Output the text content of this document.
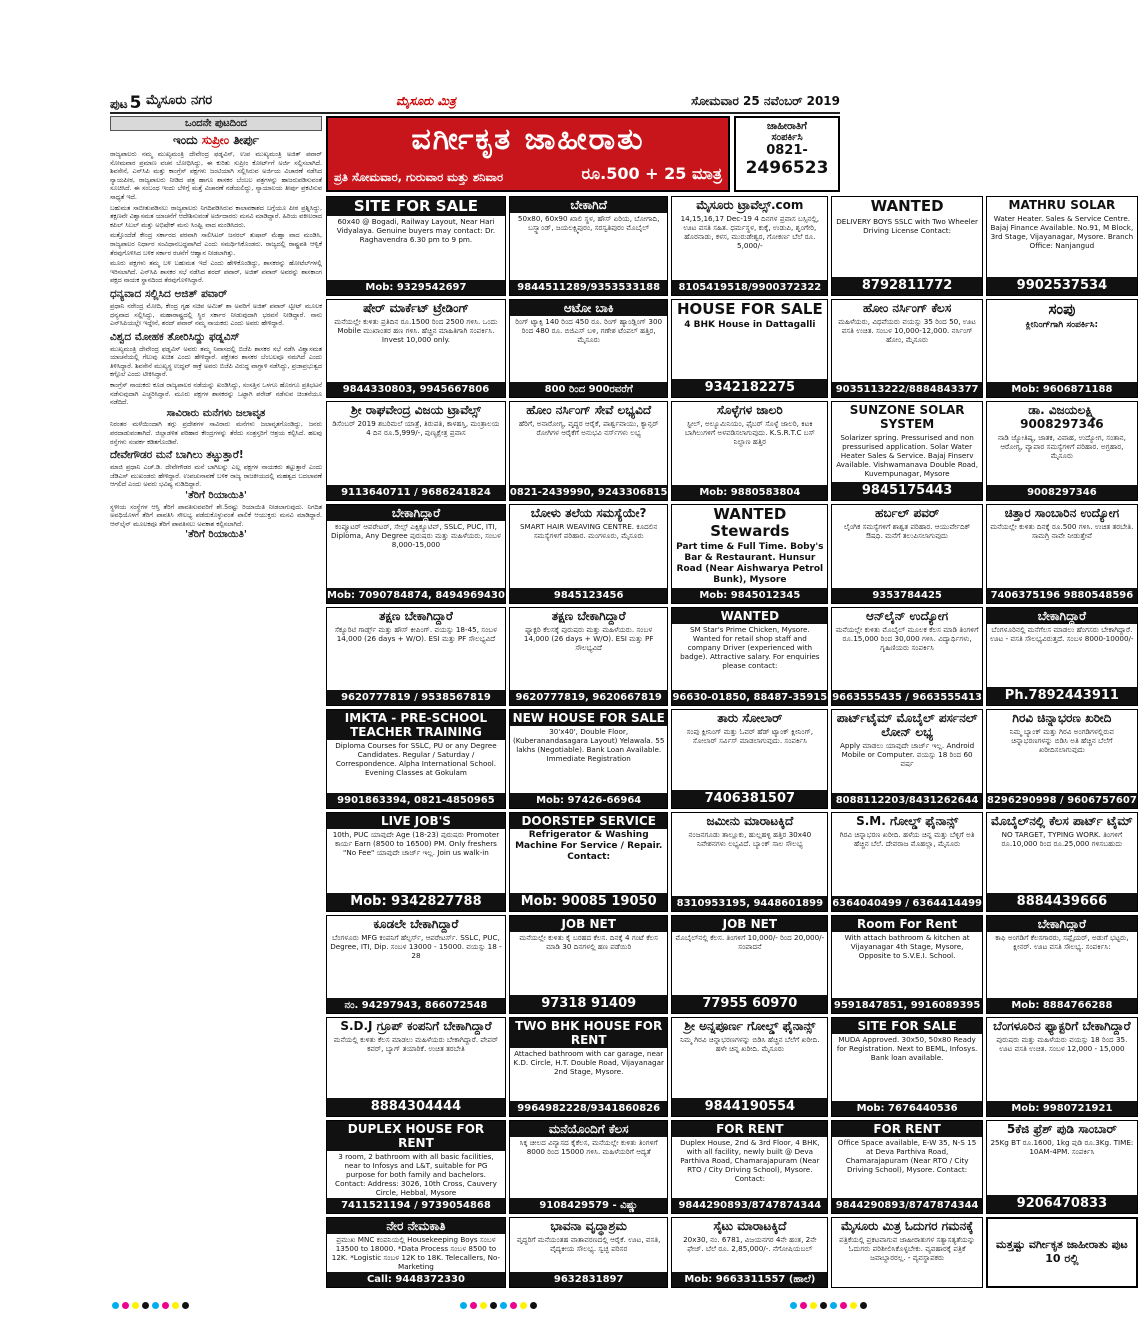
ಪುಟ 5 ಮೈಸೂರು ನಗರ	ಮೈಸೂರು ಮಿತ್ರ	ಸೋಮವಾರ 25 ನವೆಂಬರ್ 2019
ಒಂದನೇ ಪುಟದಿಂದ
ಇಂದು ಸುಪ್ರೀಂ ತೀರ್ಪು

ರಾಜ್ಯಪಾಲರು ನಮ್ಮ ಮುಖ್ಯಮಂತ್ರಿ ದೇವೇಂದ್ರ ಫಡ್ನವಿಸ್, ಉಪ ಮುಖ್ಯಮಂತ್ರಿ ಅಜಿತ್ ಪವಾರ್ ಸೋಮವಾರ ಪ್ರಮಾಣ ವಚನ ಬೋಧಿಸಿದ್ದು, ಈ ಕುರಿತು ಸುಪ್ರೀಂ ಕೋರ್ಟ್‌ಗೆ ಅರ್ಜಿ ಸಲ್ಲಿಸಲಾಗಿದೆ. ಶಿವಸೇನೆ, ಎನ್‌ಸಿಪಿ ಮತ್ತು ಕಾಂಗ್ರೆಸ್ ಪಕ್ಷಗಳು ಜಂಟಿಯಾಗಿ ಸಲ್ಲಿಸಿರುವ ಅರ್ಜಿಯ ವಿಚಾರಣೆ ನಡೆಸಿದ ನ್ಯಾಯಪೀಠ, ರಾಜ್ಯಪಾಲರು ನೀಡಿದ ಪತ್ರ ಹಾಗೂ ಶಾಸಕರ ಬೆಂಬಲ ಪತ್ರಗಳನ್ನು ಹಾಜರುಪಡಿಸುವಂತೆ ಸೂಚಿಸಿದೆ. ಈ ಸಂಬಂಧ ಇಂದು ಬೆಳಿಗ್ಗೆ ಮತ್ತೆ ವಿಚಾರಣೆ ನಡೆಯಲಿದ್ದು, ನ್ಯಾಯಾಲಯ ತೀರ್ಪು ಪ್ರಕಟಿಸುವ ಸಾಧ್ಯತೆ ಇದೆ.

ಬಹುಮತ ಸಾಬೀತುಪಡಿಸಲು ರಾಜ್ಯಪಾಲರು ನಿಗದಿಪಡಿಸಿರುವ ಕಾಲಾವಕಾಶದ ಬಗ್ಗೆಯೂ ಪೀಠ ಪ್ರಶ್ನಿಸಿದ್ದು, ತಕ್ಷಣವೇ ವಿಶ್ವಾಸಮತ ಯಾಚನೆಗೆ ಆದೇಶಿಸುವಂತೆ ಅರ್ಜಿದಾರರು ಮನವಿ ಮಾಡಿದ್ದಾರೆ. ಹಿರಿಯ ವಕೀಲರಾದ ಕಪಿಲ್ ಸಿಬಲ್ ಮತ್ತು ಅಭಿಷೇಕ್ ಮನು ಸಿಂಘ್ವಿ ವಾದ ಮಂಡಿಸಿದರು.

ಮತ್ತೊಂದೆಡೆ ಕೇಂದ್ರ ಸರ್ಕಾರದ ಪರವಾಗಿ ಸಾಲಿಸಿಟರ್ ಜನರಲ್ ತುಷಾರ್ ಮೆಹ್ತಾ ವಾದ ಮಂಡಿಸಿ, ರಾಜ್ಯಪಾಲರ ನಿರ್ಧಾರ ಸಂವಿಧಾನಬದ್ಧವಾಗಿದೆ ಎಂದು ಸಮರ್ಥಿಸಿಕೊಂಡರು. ರಾಜ್ಯದಲ್ಲಿ ರಾಷ್ಟ್ರಪತಿ ಆಳ್ವಿಕೆ ತೆರವುಗೊಳಿಸಿದ ಬಳಿಕ ಸರ್ಕಾರ ರಚನೆಗೆ ಆಹ್ವಾನ ನೀಡಲಾಗಿತ್ತು.

ಮೂರು ಪಕ್ಷಗಳು ತಮ್ಮ ಬಳಿ ಬಹುಮತ ಇದೆ ಎಂದು ಹೇಳಿಕೊಂಡಿದ್ದು, ಶಾಸಕರನ್ನು ಹೋಟೆಲ್‌ಗಳಲ್ಲಿ ಇರಿಸಲಾಗಿದೆ. ಎನ್‌ಸಿಪಿ ಶಾಸಕರ ಸಭೆ ನಡೆಸಿದ ಶರದ್ ಪವಾರ್, ಅಜಿತ್ ಪವಾರ್ ಅವರನ್ನು ಶಾಸಕಾಂಗ ಪಕ್ಷದ ನಾಯಕ ಸ್ಥಾನದಿಂದ ತೆರವುಗೊಳಿಸಿದ್ದಾರೆ.

ಧನ್ಯವಾದ ಸಲ್ಲಿಸಿದ ಅಜಿತ್ ಪವಾರ್

ಪ್ರಧಾನಿ ನರೇಂದ್ರ ಮೋದಿ, ಕೇಂದ್ರ ಗೃಹ ಸಚಿವ ಅಮಿತ್ ಶಾ ಅವರಿಗೆ ಅಜಿತ್ ಪವಾರ್ ಟ್ವೀಟ್ ಮೂಲಕ ಧನ್ಯವಾದ ಸಲ್ಲಿಸಿದ್ದು, ಮಹಾರಾಷ್ಟ್ರದಲ್ಲಿ ಸ್ಥಿರ ಸರ್ಕಾರ ನೀಡುವುದಾಗಿ ಭರವಸೆ ನೀಡಿದ್ದಾರೆ. ನಾನು ಎನ್‌ಸಿಪಿಯಲ್ಲೇ ಇದ್ದೇನೆ, ಶರದ್ ಪವಾರ್ ನಮ್ಮ ನಾಯಕರು ಎಂದು ಅವರು ಹೇಳಿದ್ದಾರೆ.

ವಿಶ್ವದ ಮೋಹಕ ತೋರಿಸಿದ್ದು ಫಡ್ನವಿಸ್

ಮುಖ್ಯಮಂತ್ರಿ ದೇವೇಂದ್ರ ಫಡ್ನವಿಸ್ ಅವರು ತಮ್ಮ ನಿವಾಸದಲ್ಲಿ ಬಿಜೆಪಿ ಶಾಸಕರ ಸಭೆ ನಡೆಸಿ ವಿಶ್ವಾಸಮತ ಯಾಚನೆಯಲ್ಲಿ ಗೆಲುವು ಖಚಿತ ಎಂದು ಹೇಳಿದ್ದಾರೆ. ಪಕ್ಷೇತರ ಶಾಸಕರ ಬೆಂಬಲವೂ ನಮಗಿದೆ ಎಂದು ತಿಳಿಸಿದ್ದಾರೆ. ಶಿವಸೇನೆ ಮುಖ್ಯಸ್ಥ ಉದ್ಧವ್ ಠಾಕ್ರೆ ಅವರು ಬಿಜೆಪಿ ವಿರುದ್ಧ ವಾಗ್ದಾಳಿ ನಡೆಸಿದ್ದು, ಪ್ರಜಾಪ್ರಭುತ್ವದ ಕಗ್ಗೊಲೆ ಎಂದು ಟೀಕಿಸಿದ್ದಾರೆ.

ಕಾಂಗ್ರೆಸ್ ನಾಯಕರು ಕೂಡ ರಾಜ್ಯಪಾಲರ ನಡೆಯನ್ನು ಖಂಡಿಸಿದ್ದು, ಸಂಸತ್ತಿನ ಒಳಗೂ ಹೊರಗೂ ಪ್ರತಿಭಟನೆ ನಡೆಸುವುದಾಗಿ ಎಚ್ಚರಿಸಿದ್ದಾರೆ. ಮೂರು ಪಕ್ಷಗಳ ಶಾಸಕರನ್ನು ಒಟ್ಟಾಗಿ ಪರೇಡ್ ನಡೆಸುವ ಚಿಂತನೆಯೂ ನಡೆದಿದೆ.

ಸಾವಿರಾರು ಮನೆಗಳು ಜಲಾವೃತ

ನಿರಂತರ ಮಳೆಯಿಂದಾಗಿ ತಗ್ಗು ಪ್ರದೇಶಗಳ ಸಾವಿರಾರು ಮನೆಗಳು ಜಲಾವೃತಗೊಂಡಿದ್ದು, ಜನರು ಪರದಾಡುವಂತಾಗಿದೆ. ಜಿಲ್ಲಾಡಳಿತ ಪರಿಹಾರ ಕೇಂದ್ರಗಳನ್ನು ತೆರೆದು ಸಂತ್ರಸ್ತರಿಗೆ ಆಶ್ರಯ ಕಲ್ಪಿಸಿದೆ. ಹಲವು ರಸ್ತೆಗಳು ಸಂಪರ್ಕ ಕಡಿತಗೊಂಡಿವೆ.

ದೇವೇಗೌಡರ ಮನೆ ಬಾಗಿಲು ತಟ್ಟುತ್ತಾರೆ!

ಮಾಜಿ ಪ್ರಧಾನಿ ಎಚ್.ಡಿ. ದೇವೇಗೌಡರ ಮನೆ ಬಾಗಿಲನ್ನು ಎಲ್ಲ ಪಕ್ಷಗಳ ನಾಯಕರು ತಟ್ಟುತ್ತಾರೆ ಎಂದು ಜೆಡಿಎಸ್ ಮುಖಂಡರು ಹೇಳಿದ್ದಾರೆ. ಉಪಚುನಾವಣೆ ಬಳಿಕ ರಾಜ್ಯ ರಾಜಕೀಯದಲ್ಲಿ ಮಹತ್ವದ ಬದಲಾವಣೆ ಆಗಲಿದೆ ಎಂದು ಅವರು ಭವಿಷ್ಯ ನುಡಿದಿದ್ದಾರೆ.

'ತೆರಿಗೆ ರಿಯಾಯಿತಿ'

ಸ್ಥಳೀಯ ಸಂಸ್ಥೆಗಳ ಆಸ್ತಿ ತೆರಿಗೆ ಪಾವತಿಸುವವರಿಗೆ ಶೇ.5ರಷ್ಟು ರಿಯಾಯಿತಿ ನೀಡಲಾಗುವುದು. ನಿಗದಿತ ಅವಧಿಯೊಳಗೆ ತೆರಿಗೆ ಪಾವತಿಸಿ ಸೌಲಭ್ಯ ಪಡೆದುಕೊಳ್ಳುವಂತೆ ಪಾಲಿಕೆ ಆಯುಕ್ತರು ಮನವಿ ಮಾಡಿದ್ದಾರೆ. ಆನ್‌ಲೈನ್ ಮೂಲಕವೂ ತೆರಿಗೆ ಪಾವತಿಸಲು ಅವಕಾಶ ಕಲ್ಪಿಸಲಾಗಿದೆ.

'ತೆರಿಗೆ ರಿಯಾಯಿತಿ'
ವರ್ಗೀಕೃತ ಜಾಹೀರಾತು
ಪ್ರತಿ ಸೋಮವಾರ, ಗುರುವಾರ ಮತ್ತು ಶನಿವಾರ	ರೂ.500 + 25 ಮಾತ್ರ
ಜಾಹೀರಾತಿಗೆ
ಸಂಪರ್ಕಿಸಿ
0821-
2496523
SITE FOR SALE
60x40 @ Bogadi, Railway Layout, Near Hari Vidyalaya. Genuine buyers may contact: Dr. Raghavendra 6.30 pm to 9 pm.
Mob: 9329542697
ಬೇಕಾಗಿದೆ
50x80, 60x90 ಖಾಲಿ ಸ್ಥಳ, ಹೌಸ್ ಏರಿಯ, ಬೋಗಾದಿ, ಬಸ್ಸ್ಟಾಂಡ್, ಜಯಲಕ್ಷ್ಮಿಪುರಂ, ಸರಸ್ವತಿಪುರಂ ಮೊಬೈಲ್
9844511289/9353533188
ಮೈಸೂರು ಟ್ರಾವೆಲ್ಸ್.com
14,15,16,17 Dec-19 4 ದಿನಗಳ ಪ್ರವಾಸ ಬಸ್ಸಿನಲ್ಲಿ, ಊಟ ವಸತಿ ಸಹಿತ. ಧರ್ಮಸ್ಥಳ, ಕುಕ್ಕೆ, ಉಡುಪಿ, ಶೃಂಗೇರಿ, ಹೊರನಾಡು, ಕಳಸ, ಮುರುಡೇಶ್ವರ, ಗೋಕರ್ಣ ಬೆಲೆ ರೂ. 5,000/-
8105419518/9900372322
WANTED
DELIVERY BOYS SSLC with Two Wheeler Driving License Contact:
8792811772
MATHRU SOLAR
Water Heater. Sales & Service Centre. Bajaj Finance Available. No.91, M Block, 3rd Stage, Vijayanagar, Mysore. Branch Office: Nanjangud
9902537534
ಷೇರ್ ಮಾರ್ಕೆಟ್ ಟ್ರೇಡಿಂಗ್
ಮನೆಯಲ್ಲೇ ಕುಳಿತು ಪ್ರತಿದಿನ ರೂ.1500 ರಿಂದ 2500 ಗಳಿಸಿ. ಒಂದು Mobile ಮುಖಾಂತರ ಹಣ ಗಳಿಸಿ. ಹೆಚ್ಚಿನ ಮಾಹಿತಿಗಾಗಿ ಸಂಪರ್ಕಿಸಿ. Invest 10,000 only.
9844330803, 9945667806
ಆಟೋ ಬಾಕಿ
ರಿಂಗ್ ಟ್ಯಾಕ್ಸಿ 140 ರಿಂದ 450 ರೂ. ರಿಂಗ್ ಹ್ಯಾಂಡ್ಲಿಂಗ್ 300 ರಿಂದ 480 ರೂ. ಬಿಜಿಎಸ್ ಬಳಿ, ಗಣೇಶ ಟೆಂಪಲ್ ಹತ್ತಿರ, ಮೈಸೂರು
800 ರಿಂದ 900ರವರೆಗೆ
HOUSE FOR SALE
4 BHK House in Dattagalli
9342182275
ಹೋಂ ನರ್ಸಿಂಗ್ ಕೆಲಸ
ಮಹಿಳೆಯರು, ವಿಧವೆಯರು ವಯಸ್ಸು 35 ರಿಂದ 50, ಊಟ ವಸತಿ ಉಚಿತ. ಸಂಬಳ 10,000-12,000. ನರ್ಸಿಂಗ್ ಹೋಂ, ಮೈಸೂರು
9035113222/8884843377
ಸಂಪು
ಕ್ಲೀನಿಂಗ್‌ಗಾಗಿ ಸಂಪರ್ಕಿಸಿ:
Mob: 9606871188
ಶ್ರೀ ರಾಘವೇಂದ್ರ ವಿಜಯ ಟ್ರಾವೆಲ್ಸ್
ಡಿಸೆಂಬರ್ 2019 ಶಬರಿಮಲೆ ಯಾತ್ರೆ, ತಿರುಪತಿ, ಕಾಳಹಸ್ತಿ, ಮಂತ್ರಾಲಯ 4 ದಿನ ರೂ.5,999/-, ಪುಣ್ಯಕ್ಷೇತ್ರ ಪ್ರವಾಸ
9113640711 / 9686241824
ಹೋಂ ನರ್ಸಿಂಗ್ ಸೇವೆ ಲಭ್ಯವಿದೆ
ಹೆರಿಗೆ, ಅನಾರೋಗ್ಯ, ವೃದ್ಧರ ಆರೈಕೆ, ಪಾರ್ಶ್ವವಾಯು, ಕ್ಯಾನ್ಸರ್ ರೋಗಿಗಳ ಆರೈಕೆಗೆ ಅನುಭವಿ ನರ್ಸ್‌ಗಳು ಲಭ್ಯ
0821-2439990, 9243306815
ಸೊಳ್ಳೆಗಳ ಜಾಲರಿ
ಸ್ಟೀಲ್, ಅಲ್ಯೂಮಿನಿಯಂ, ಫೈಬರ್ ಸೊಳ್ಳೆ ಜಾಲರಿ, ಕಿಟಕಿ ಬಾಗಿಲುಗಳಿಗೆ ಅಳವಡಿಸಲಾಗುವುದು. K.S.R.T.C ಬಸ್ ನಿಲ್ದಾಣ ಹತ್ತಿರ
Mob: 9880583804
SUNZONE SOLAR SYSTEM
Solarizer spring. Pressurised and non pressurised application. Solar Water Heater Sales & Service. Bajaj Finserv Available. Vishwamanava Double Road, Kuvempunagar, Mysore
9845175443
ಡಾ. ವಿಜಯಲಕ್ಷ್ಮಿ 9008297346
ನಾಡಿ ಜ್ಯೋತಿಷ್ಯ, ಜಾತಕ, ವಿವಾಹ, ಉದ್ಯೋಗ, ಸಂತಾನ, ಆರೋಗ್ಯ, ವ್ಯಾಪಾರ ಸಮಸ್ಯೆಗಳಿಗೆ ಪರಿಹಾರ. ಅಗ್ರಹಾರ, ಮೈಸೂರು
9008297346
ಬೇಕಾಗಿದ್ದಾರೆ
ಕಂಪ್ಯೂಟರ್ ಆಪರೇಟರ್, ಸೇಲ್ಸ್ ಎಕ್ಸಿಕ್ಯೂಟಿವ್, SSLC, PUC, ITI, Diploma, Any Degree ಪುರುಷರು ಮತ್ತು ಮಹಿಳೆಯರು, ಸಂಬಳ 8,000-15,000
Mob: 7090784874, 8494969430
ಬೋಳು ತಲೆಯ ಸಮಸ್ಯೆಯೇ?
SMART HAIR WEAVING CENTRE. ಕೂದಲಿನ ಸಮಸ್ಯೆಗಳಿಗೆ ಪರಿಹಾರ. ಮಂಗಳೂರು, ಮೈಸೂರು
9845123456
WANTED Stewards
Part time & Full Time. Boby's Bar & Restaurant. Hunsur Road (Near Aishwarya Petrol Bunk), Mysore
Mob: 9845012345
ಹರ್ಬಲ್ ಪವರ್
ಲೈಂಗಿಕ ಸಮಸ್ಯೆಗಳಿಗೆ ಶಾಶ್ವತ ಪರಿಹಾರ. ಆಯುರ್ವೇದಿಕ್ ಔಷಧಿ. ಮನೆಗೆ ತಲುಪಿಸಲಾಗುವುದು
9353784425
ಚಿತ್ತಾರ ಸಾಂಬಾರಿನ ಉದ್ಯೋಗ
ಮನೆಯಲ್ಲೇ ಕುಳಿತು ದಿನಕ್ಕೆ ರೂ.500 ಗಳಿಸಿ. ಉಚಿತ ತರಬೇತಿ. ಸಾಮಗ್ರಿ ನಾವೇ ನೀಡುತ್ತೇವೆ
7406375196 9880548596
ತಕ್ಷಣ ಬೇಕಾಗಿದ್ದಾರೆ
ಸೆಕ್ಯೂರಿಟಿ ಗಾರ್ಡ್ಸ್ ಮತ್ತು ಹೌಸ್ ಕೀಪಿಂಗ್. ವಯಸ್ಸು 18-45, ಸಂಬಳ 14,000 (26 days + W/O). ESI ಮತ್ತು PF ಸೌಲಭ್ಯವಿದೆ
9620777819 / 9538567819
ತಕ್ಷಣ ಬೇಕಾಗಿದ್ದಾರೆ
ಫ್ಯಾಕ್ಟರಿ ಕೆಲಸಕ್ಕೆ ಪುರುಷರು ಮತ್ತು ಮಹಿಳೆಯರು. ಸಂಬಳ 14,000 (26 days + W/O). ESI ಮತ್ತು PF ಸೌಲಭ್ಯವಿದೆ
9620777819, 9620667819
WANTED
SM Star's Prime Chicken, Mysore. Wanted for retail shop staff and company Driver (experienced with badge). Attractive salary. For enquiries please contact:
96630-01850, 88487-35915
ಆನ್‌ಲೈನ್ ಉದ್ಯೋಗ
ಮನೆಯಲ್ಲೇ ಕುಳಿತು ಮೊಬೈಲ್ ಮೂಲಕ ಕೆಲಸ ಮಾಡಿ ತಿಂಗಳಿಗೆ ರೂ.15,000 ರಿಂದ 30,000 ಗಳಿಸಿ. ವಿದ್ಯಾರ್ಥಿಗಳು, ಗೃಹಿಣಿಯರು ಸಂಪರ್ಕಿಸಿ
9663555435 / 9663555413
ಬೇಕಾಗಿದ್ದಾರೆ
ಬೆಂಗಳೂರಿನಲ್ಲಿ ಮನೆಗೆಲಸ ಮಾಡಲು ಹೆಂಗಸರು ಬೇಕಾಗಿದ್ದಾರೆ. ಊಟ - ವಸತಿ ಸೌಲಭ್ಯವಿರುತ್ತದೆ. ಸಂಬಳ 8000-10000/-
Ph.7892443911
IMKTA - PRE-SCHOOL TEACHER TRAINING
Diploma Courses for SSLC, PU or any Degree Candidates. Regular / Saturday / Correspondence. Alpha International School. Evening Classes at Gokulam
9901863394, 0821-4850965
NEW HOUSE FOR SALE
30'x40', Double Floor, (Kuberanandasagara Layout) Yelawala. 55 lakhs (Negotiable). Bank Loan Available. Immediate Registration
Mob: 97426-66964
ತಾರು ಸೋಲಾರ್
ಸಂಪು ಕ್ಲೀನಿಂಗ್ ಮತ್ತು ಓವರ್ ಹೆಡ್ ಟ್ಯಾಂಕ್ ಕ್ಲೀನಿಂಗ್, ಸೋಲಾರ್ ಸರ್ವಿಸ್ ಮಾಡಲಾಗುವುದು. ಸಂಪರ್ಕಿಸಿ
7406381507
ಪಾರ್ಟ್‌ಟೈಮ್ ಮೊಬೈಲ್ ಪರ್ಸನಲ್ ಲೋನ್ ಲಭ್ಯ
Apply ಮಾಡಲು ಯಾವುದೇ ಚಾರ್ಜ್ ಇಲ್ಲ. Android Mobile or Computer. ವಯಸ್ಸು 18 ರಿಂದ 60 ವರ್ಷ
8088112203/8431262644
ಗಿರವಿ ಚಿನ್ನಾಭರಣ ಖರೀದಿ
ನಿಮ್ಮ ಬ್ಯಾಂಕ್ ಮತ್ತು ಗಿರವಿ ಅಂಗಡಿಗಳಲ್ಲಿರುವ ಚಿನ್ನಾಭರಣಗಳನ್ನು ಬಿಡಿಸಿ ಅತಿ ಹೆಚ್ಚಿನ ಬೆಲೆಗೆ ಖರೀದಿಸಲಾಗುವುದು
8296290998 / 9606757607
LIVE JOB'S
10th, PUC ಯಾವುದೇ Age (18-23) ಪುರುಷರು Promoter ಕಾರ್ಯ Earn (8500 to 16500) PM. Only freshers "No Fee" ಯಾವುದೇ ಚಾರ್ಜ್ ಇಲ್ಲ. Join us walk-in
Mob: 9342827788
DOORSTEP SERVICE
Refrigerator & Washing Machine For Service / Repair. Contact:
Mob: 90085 19050
ಜಮೀನು ಮಾರಾಟಕ್ಕಿದೆ
ನಂಜನಗೂಡು ತಾಲ್ಲೂಕು, ಹುಲ್ಲಹಳ್ಳಿ ಹತ್ತಿರ 30x40 ನಿವೇಶನಗಳು ಲಭ್ಯವಿದೆ. ಬ್ಯಾಂಕ್ ಸಾಲ ಸೌಲಭ್ಯ
8310953195, 9448601899
S.M. ಗೋಲ್ಡ್ ಫೈನಾನ್ಸ್
ಗಿರವಿ ಚಿನ್ನಾಭರಣ ಖರೀದಿ. ಹಳೆಯ ಚಿನ್ನ ಮತ್ತು ಬೆಳ್ಳಿಗೆ ಅತಿ ಹೆಚ್ಚಿನ ಬೆಲೆ. ದೇವರಾಜ ಮೊಹಲ್ಲಾ, ಮೈಸೂರು
6364040499 / 6364414499
ಮೊಬೈಲ್‌ನಲ್ಲಿ ಕೆಲಸ ಪಾರ್ಟ್ ಟೈಮ್
NO TARGET, TYPING WORK. ತಿಂಗಳಿಗೆ ರೂ.10,000 ರಿಂದ ರೂ.25,000 ಗಳಿಸಬಹುದು
8884439666
ಕೂಡಲೇ ಬೇಕಾಗಿದ್ದಾರೆ
ಬೆಂಗಳೂರು MFG ಕಂಪನಿಗೆ ಹೆಲ್ಪರ್ಸ್, ಆಪರೇಟರ್ಸ್. SSLC, PUC, Degree, ITI, Dip. ಸಂಬಳ 13000 - 15000. ವಯಸ್ಸು 18 - 28
ನಂ. 94297943, 866072548
JOB NET
ಮನೆಯಲ್ಲೇ ಕುಳಿತು ಕೈ ಬರಹದ ಕೆಲಸ. ದಿನಕ್ಕೆ 4 ಗಂಟೆ ಕೆಲಸ ಮಾಡಿ 30 ದಿನಗಳಲ್ಲಿ ಹಣ ಪಡೆಯಿರಿ
97318 91409
JOB NET
ಮೊಬೈಲ್‌ನಲ್ಲಿ ಕೆಲಸ. ತಿಂಗಳಿಗೆ 10,000/- ರಿಂದ 20,000/- ಸಂಪಾದನೆ
77955 60970
Room For Rent
With attach bathroom & kitchen at Vijayanagar 4th Stage, Mysore, Opposite to S.V.E.I. School.
9591847851, 9916089395
ಬೇಕಾಗಿದ್ದಾರೆ
ಕಾಫಿ ಅಂಗಡಿಗೆ ಕೆಲಸಗಾರರು, ಸಪ್ಲೈಯರ್, ಅಡುಗೆ ಭಟ್ಟರು, ಕ್ಲೀನರ್. ಊಟ ವಸತಿ ಸೌಲಭ್ಯ. ಸಂಪರ್ಕಿಸಿ:
Mob: 8884766288
S.D.J ಗ್ರೂಪ್ ಕಂಪನಿಗೆ ಬೇಕಾಗಿದ್ದಾರೆ
ಮನೆಯಲ್ಲಿ ಕುಳಿತು ಕೆಲಸ ಮಾಡಲು ಮಹಿಳೆಯರು ಬೇಕಾಗಿದ್ದಾರೆ. ಪೇಪರ್ ಕವರ್, ಬ್ಯಾಗ್ ತಯಾರಿಕೆ. ಉಚಿತ ತರಬೇತಿ
8884304444
TWO BHK HOUSE FOR RENT
Attached bathroom with car garage, near K.D. Circle, H.T. Double Road, Vijayanagar 2nd Stage, Mysore.
9964982228/9341860826
ಶ್ರೀ ಅನ್ನಪೂರ್ಣ ಗೋಲ್ಡ್ ಫೈನಾನ್ಸ್
ನಿಮ್ಮ ಗಿರವಿ ಚಿನ್ನಾಭರಣಗಳನ್ನು ಬಿಡಿಸಿ ಹೆಚ್ಚಿನ ಬೆಲೆಗೆ ಖರೀದಿ. ಹಳೇ ಚಿನ್ನ ಖರೀದಿ. ಮೈಸೂರು
9844190554
SITE FOR SALE
MUDA Approved. 30x50, 50x80 Ready for Registration. Next to BEML, Infosys. Bank loan available.
Mob: 7676440536
ಬೆಂಗಳೂರಿನ ಫ್ಯಾಕ್ಟರಿಗೆ ಬೇಕಾಗಿದ್ದಾರೆ
ಪುರುಷರು ಮತ್ತು ಮಹಿಳೆಯರು ವಯಸ್ಸು 18 ರಿಂದ 35. ಊಟ ವಸತಿ ಉಚಿತ. ಸಂಬಳ 12,000 - 15,000
Mob: 9980721921
DUPLEX HOUSE FOR RENT
3 room, 2 bathroom with all basic facilities, near to Infosys and L&T, suitable for PG purpose for both family and bachelors. Contact: Address: 3026, 10th Cross, Cauvery Circle, Hebbal, Mysore
7411521194 / 9739054868
ಮನೆಯೊಂದಿಗೆ ಕೆಲಸ
ಸಿಕ್ಕ ಚೀಲದ ವಿನ್ಯಾಸದ ಕೈಕೆಲಸ, ಮನೆಯಲ್ಲೇ ಕುಳಿತು ತಿಂಗಳಿಗೆ 8000 ರಿಂದ 15000 ಗಳಿಸಿ. ಮಹಿಳೆಯರಿಗೆ ಆದ್ಯತೆ
9108429579 - ವಿಷ್ಣು
FOR RENT
Duplex House, 2nd & 3rd Floor, 4 BHK, with all facility, newly built @ Deva Parthiva Road, Chamarajapuram (Near RTO / City Driving School), Mysore. Contact:
9844290893/8747874344
FOR RENT
Office Space available, E-W 35, N-S 15 at Deva Parthiva Road, Chamarajapuram (Near RTO / City Driving School), Mysore. Contact:
9844290893/8747874344
5ಕೆಜಿ ಫ್ರೆಶ್ ಪುಡಿ ಸಾಂಬಾರ್
25Kg BT ರೂ.1600, 1kg ಪುಡಿ ರೂ.3Kg. TIME: 10AM-4PM. ಸಂಪರ್ಕಿಸಿ
9206470833
ನೇರ ನೇಮಕಾತಿ
ಪ್ರಮುಖ MNC ಕಂಪನಿಯಲ್ಲಿ Housekeeping Boys ಸಂಬಳ 13500 to 18000. *Data Process ಸಂಬಳ 8500 to 12K. *Logistic ಸಂಬಳ 12K to 18K. Telecallers, No-Marketing
Call: 9448372330
ಭಾವನಾ ವೃದ್ಧಾಶ್ರಮ
ವೃದ್ಧರಿಗೆ ಮನೆಯಂತಹ ವಾತಾವರಣದಲ್ಲಿ ಆರೈಕೆ. ಊಟ, ವಸತಿ, ವೈದ್ಯಕೀಯ ಸೌಲಭ್ಯ. ಸ್ವಚ್ಛ ಪರಿಸರ
9632831897
ಸೈಟು ಮಾರಾಟಕ್ಕಿದೆ
20x30, ನಂ. 6781, ವಿಜಯನಗರ 4ನೇ ಹಂತ, 2ನೇ ಫೇಜ್. ಬೆಲೆ ರೂ. 2,85,000/-. ನೆಗೋಷಿಯಬಲ್
Mob: 9663311557 (ಹಾಲೆ)
ಮೈಸೂರು ಮಿತ್ರ ಓದುಗರ ಗಮನಕ್ಕೆ
ಪತ್ರಿಕೆಯಲ್ಲಿ ಪ್ರಕಟವಾಗುವ ಜಾಹೀರಾತುಗಳ ಸತ್ಯಾಸತ್ಯತೆಯನ್ನು ಓದುಗರು ಪರಿಶೀಲಿಸಿಕೊಳ್ಳಬೇಕು. ವ್ಯವಹಾರಕ್ಕೆ ಪತ್ರಿಕೆ ಜವಾಬ್ದಾರರಲ್ಲ. - ವ್ಯವಸ್ಥಾಪಕರು
ಮತ್ತಷ್ಟು ವರ್ಗೀಕೃತ ಜಾಹೀರಾತು ಪುಟ 10 ರಲ್ಲಿ
